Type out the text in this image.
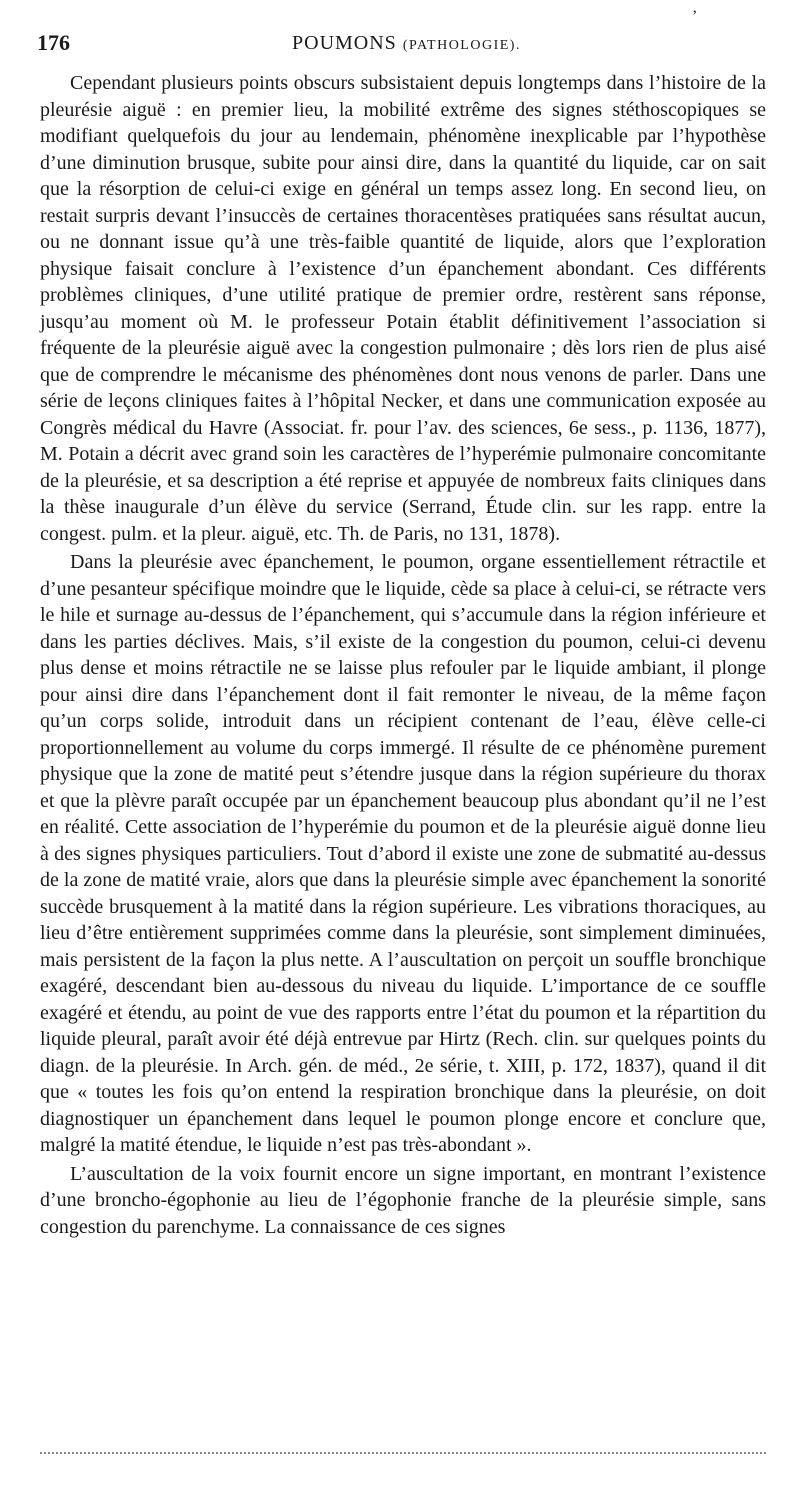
’
176	POUMONS (PATHOLOGIE).

Cependant plusieurs points obscurs subsistaient depuis longtemps dans l’histoire de la pleurésie aiguë : en premier lieu, la mobilité extrême des signes stéthoscopiques se modifiant quelquefois du jour au lendemain, phénomène inexplicable par l’hypothèse d’une diminution brusque, subite pour ainsi dire, dans la quantité du liquide, car on sait que la résorption de celui-ci exige en général un temps assez long. En second lieu, on restait surpris devant l’insuccès de certaines thoracentèses pratiquées sans résultat aucun, ou ne donnant issue qu’à une très-faible quantité de liquide, alors que l’exploration physique faisait conclure à l’existence d’un épanchement abondant. Ces différents problèmes cliniques, d’une utilité pratique de premier ordre, restèrent sans réponse, jusqu’au moment où M. le professeur Potain établit définitivement l’association si fréquente de la pleurésie aiguë avec la congestion pulmonaire ; dès lors rien de plus aisé que de comprendre le mécanisme des phénomènes dont nous venons de parler. Dans une série de leçons cliniques faites à l’hôpital Necker, et dans une communication exposée au Congrès médical du Havre (Associat. fr. pour l’av. des sciences, 6e sess., p. 1136, 1877), M. Potain a décrit avec grand soin les caractères de l’hyperémie pulmonaire concomitante de la pleurésie, et sa description a été reprise et appuyée de nombreux faits cliniques dans la thèse inaugurale d’un élève du service (Serrand, Étude clin. sur les rapp. entre la congest. pulm. et la pleur. aiguë, etc. Th. de Paris, no 131, 1878).

Dans la pleurésie avec épanchement, le poumon, organe essentiellement rétractile et d’une pesanteur spécifique moindre que le liquide, cède sa place à celui-ci, se rétracte vers le hile et surnage au-dessus de l’épanchement, qui s’accumule dans la région inférieure et dans les parties déclives. Mais, s’il existe de la congestion du poumon, celui-ci devenu plus dense et moins rétractile ne se laisse plus refouler par le liquide ambiant, il plonge pour ainsi dire dans l’épanchement dont il fait remonter le niveau, de la même façon qu’un corps solide, introduit dans un récipient contenant de l’eau, élève celle-ci proportionnellement au volume du corps immergé. Il résulte de ce phénomène purement physique que la zone de matité peut s’étendre jusque dans la région supérieure du thorax et que la plèvre paraît occupée par un épanchement beaucoup plus abondant qu’il ne l’est en réalité. Cette association de l’hyperémie du poumon et de la pleurésie aiguë donne lieu à des signes physiques particuliers. Tout d’abord il existe une zone de submatité au-dessus de la zone de matité vraie, alors que dans la pleurésie simple avec épanchement la sonorité succède brusquement à la matité dans la région supérieure. Les vibrations thoraciques, au lieu d’être entièrement supprimées comme dans la pleurésie, sont simplement diminuées, mais persistent de la façon la plus nette. A l’auscultation on perçoit un souffle bronchique exagéré, descendant bien au-dessous du niveau du liquide. L’importance de ce souffle exagéré et étendu, au point de vue des rapports entre l’état du poumon et la répartition du liquide pleural, paraît avoir été déjà entrevue par Hirtz (Rech. clin. sur quelques points du diagn. de la pleurésie. In Arch. gén. de méd., 2e série, t. XIII, p. 172, 1837), quand il dit que « toutes les fois qu’on entend la respiration bronchique dans la pleurésie, on doit diagnostiquer un épanchement dans lequel le poumon plonge encore et conclure que, malgré la matité étendue, le liquide n’est pas très-abondant ».

L’auscultation de la voix fournit encore un signe important, en montrant l’existence d’une broncho-égophonie au lieu de l’égophonie franche de la pleurésie simple, sans congestion du parenchyme. La connaissance de ces signes
